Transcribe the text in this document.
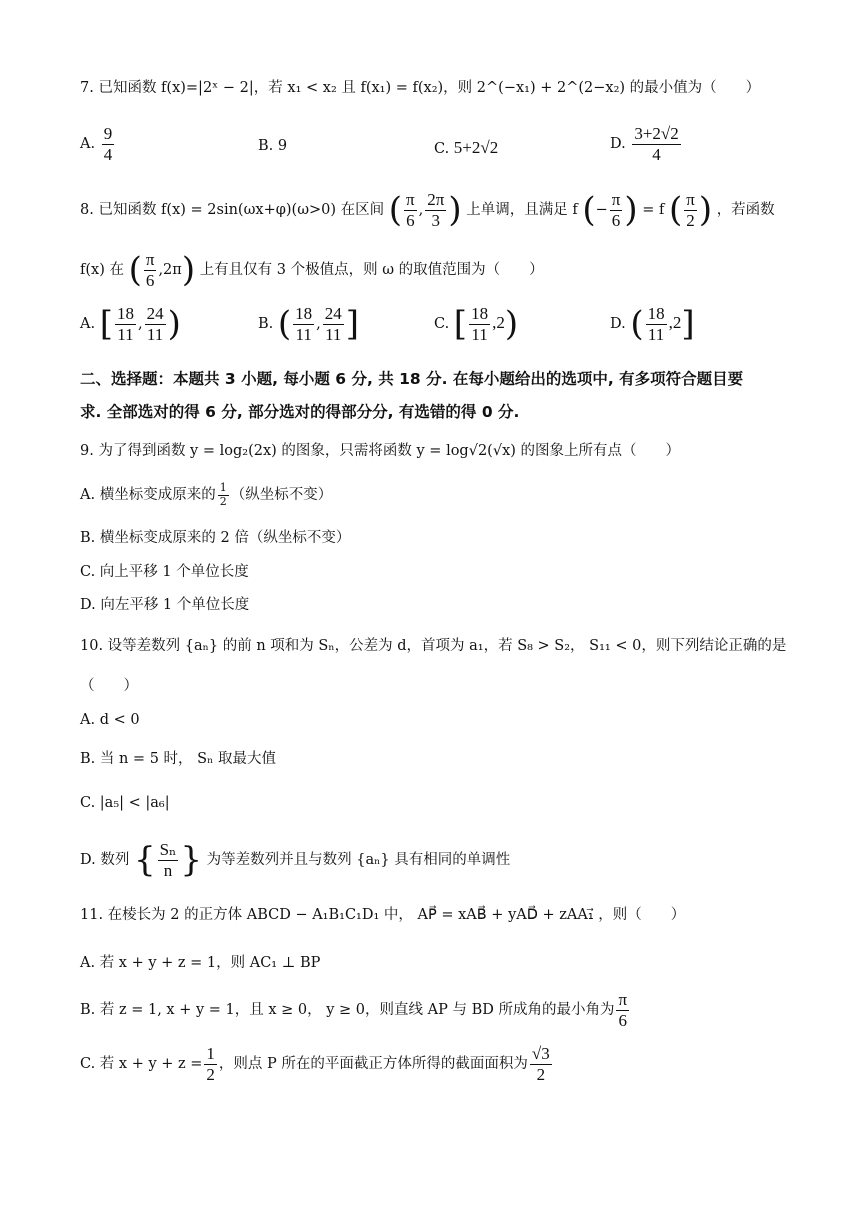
7. 已知函数 f(x)=|2ˣ − 2|，若 x₁ < x₂ 且 f(x₁) = f(x₂)，则 2^(−x₁) + 2^(2−x₂) 的最小值为（　　）
A. $\frac{9}{4}$	B. 9	C. 5+2√2	D. $\frac{3+2√2}{4}$
8. 已知函数 f(x) = 2sin(ωx+φ)(ω>0) 在区间 ( $\frac{\pi}{6}$ , $\frac{2\pi}{3}$ ) 上单调，且满足 f (− $\frac{\pi}{6}$ ) = f ( $\frac{\pi}{2}$ ) ，若函数
f(x) 在 ( $\frac{\pi}{6} ,2\pi$) 上有且仅有 3 个极值点，则 ω 的取值范围为（　　）
A. [ $\frac{18}{11}$ , $\frac{24}{11}$ )	B. ( $\frac{18}{11}$ , $\frac{24}{11}$ ]	C. [ $\frac{18}{11} ,2$)	D. ( $\frac{18}{11} ,2$]
二、选择题：本题共 3 小题, 每小题 6 分, 共 18 分. 在每小题给出的选项中, 有多项符合题目要
求. 全部选对的得 6 分, 部分选对的得部分分, 有选错的得 0 分.
9. 为了得到函数 y = log₂(2x) 的图象，只需将函数 y = log√2(√x) 的图象上所有点（　　）
A. 横坐标变成原来的 $\frac{1}{2}$ （纵坐标不变）
B. 横坐标变成原来的 2 倍（纵坐标不变）
C. 向上平移 1 个单位长度
D. 向左平移 1 个单位长度
10. 设等差数列 {aₙ} 的前 n 项和为 Sₙ，公差为 d，首项为 a₁，若 S₈ > S₂， S₁₁ < 0，则下列结论正确的是
（　　）
A. d < 0
B. 当 n = 5 时， Sₙ 取最大值
C. |a₅| < |a₆|
D. 数列 { $\frac{\text{Sₙ}}{n}$ } 为等差数列并且与数列 {aₙ} 具有相同的单调性
11. 在棱长为 2 的正方体 ABCD − A₁B₁C₁D₁ 中， AP⃗ = xAB⃗ + yAD⃗ + zAA₁⃗ ，则（　　）
A. 若 x + y + z = 1，则 AC₁ ⊥ BP
B. 若 z = 1, x + y = 1，且 x ≥ 0， y ≥ 0，则直线 AP 与 BD 所成角的最小角为 $\frac{\pi}{6}$
C. 若 $x + y + z = \frac{1}{2}$ ，则点 P 所在的平面截正方体所得的截面面积为 $\frac{√3}{2}$
